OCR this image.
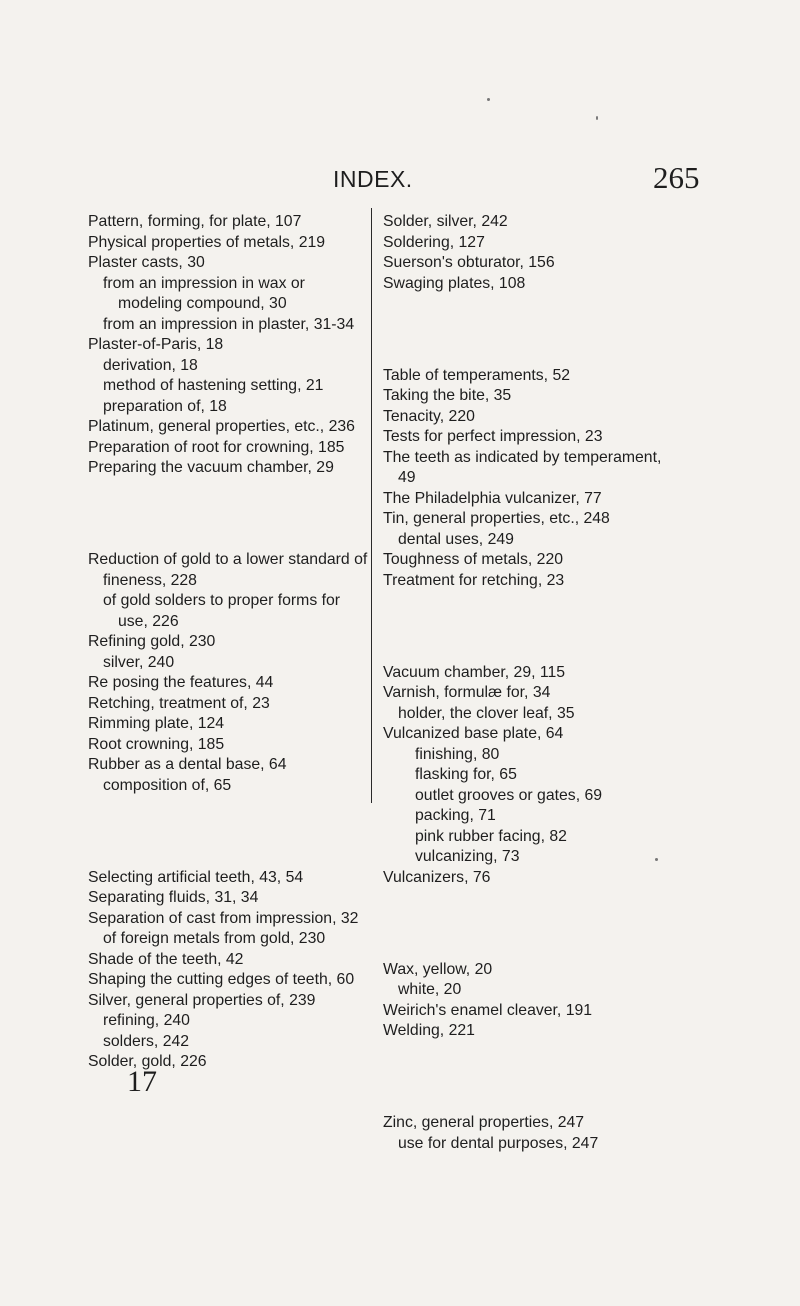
INDEX.	265

Pattern, forming, for plate, 107

Physical properties of metals, 219

Plaster casts, 30

from an impression in wax or modeling compound, 30

from an impression in plaster, 31-34

Plaster-of-Paris, 18

derivation, 18

method of hastening setting, 21

preparation of, 18

Platinum, general properties, etc., 236

Preparation of root for crowning, 185

Preparing the vacuum chamber, 29

Reduction of gold to a lower standard of fineness, 228

of gold solders to proper forms for use, 226

Refining gold, 230

silver, 240

Re posing the features, 44

Retching, treatment of, 23

Rimming plate, 124

Root crowning, 185

Rubber as a dental base, 64

composition of, 65

Selecting artificial teeth, 43, 54

Separating fluids, 31, 34

Separation of cast from impression, 32

of foreign metals from gold, 230

Shade of the teeth, 42

Shaping the cutting edges of teeth, 60

Silver, general properties of, 239

refining, 240

solders, 242

Solder, gold, 226

Solder, silver, 242

Soldering, 127

Suerson's obturator, 156

Swaging plates, 108

Table of temperaments, 52

Taking the bite, 35

Tenacity, 220

Tests for perfect impression, 23

The teeth as indicated by temperament, 49

The Philadelphia vulcanizer, 77

Tin, general properties, etc., 248

dental uses, 249

Toughness of metals, 220

Treatment for retching, 23

Vacuum chamber, 29, 115

Varnish, formulæ for, 34

holder, the clover leaf, 35

Vulcanized base plate, 64

finishing, 80

flasking for, 65

outlet grooves or gates, 69

packing, 71

pink rubber facing, 82

vulcanizing, 73

Vulcanizers, 76

Wax, yellow, 20

white, 20

Weirich's enamel cleaver, 191

Welding, 221

Zinc, general properties, 247

use for dental purposes, 247

17
